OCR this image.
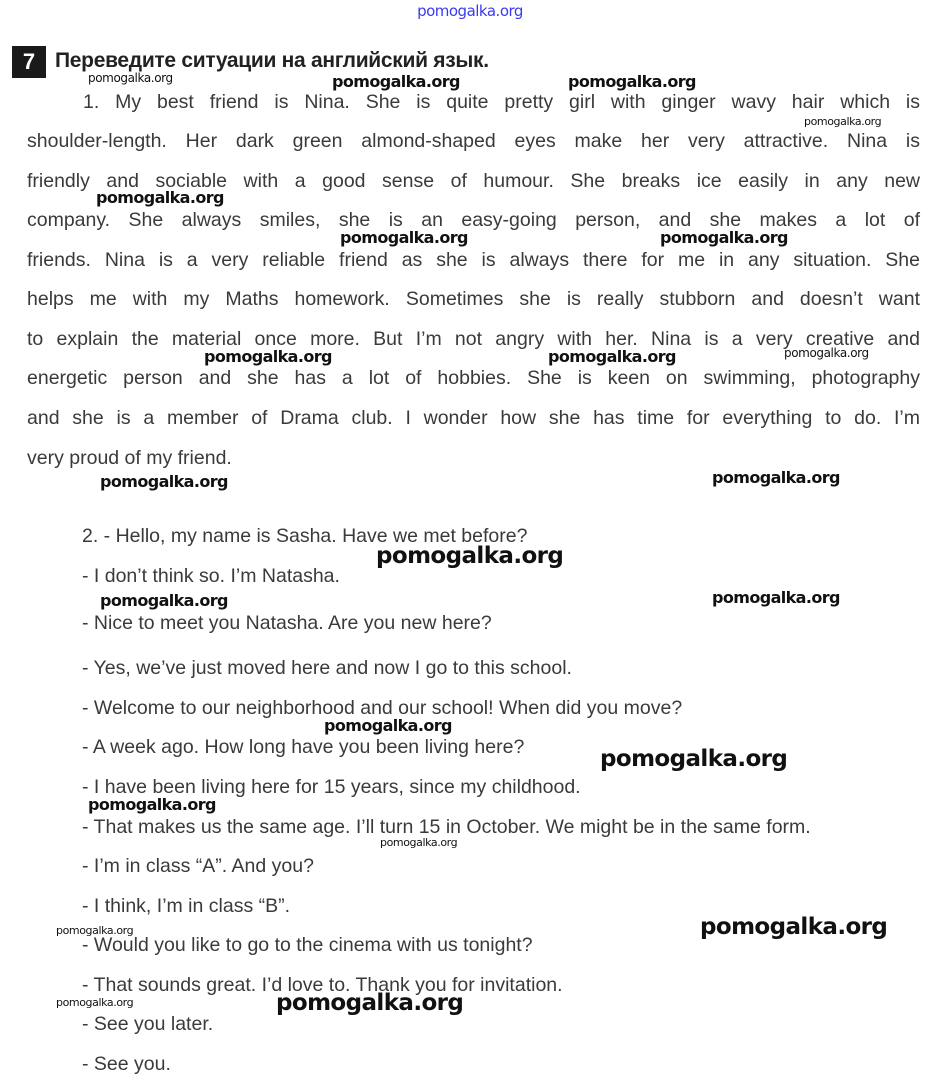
pomogalka.org
7 Переведите ситуации на английский язык.
1. My best friend is Nina. She is quite pretty girl with ginger wavy hair which is
shoulder-length. Her dark green almond-shaped eyes make her very attractive. Nina is
friendly and sociable with a good sense of humour. She breaks ice easily in any new
company. She always smiles, she is an easy-going person, and she makes a lot of
friends. Nina is a very reliable friend as she is always there for me in any situation. She
helps me with my Maths homework. Sometimes she is really stubborn and doesn’t want
to explain the material once more. But I’m not angry with her. Nina is a very creative and
energetic person and she has a lot of hobbies. She is keen on swimming, photography
and she is a member of Drama club. I wonder how she has time for everything to do. I’m
very proud of my friend.
2. - Hello, my name is Sasha. Have we met before?
- I don’t think so. I’m Natasha.
- Nice to meet you Natasha. Are you new here?
- Yes, we’ve just moved here and now I go to this school.
- Welcome to our neighborhood and our school! When did you move?
- A week ago. How long have you been living here?
- I have been living here for 15 years, since my childhood.
- That makes us the same age. I’ll turn 15 in October. We might be in the same form.
- I’m in class “A”. And you?
- I think, I’m in class “B”.
- Would you like to go to the cinema with us tonight?
- That sounds great. I’d love to. Thank you for invitation.
- See you later.
- See you.
pomogalka.org	pomogalka.org	pomogalka.org
pomogalka.org
pomogalka.org
pomogalka.org	pomogalka.org
pomogalka.org	pomogalka.org	pomogalka.org
pomogalka.org	pomogalka.org
pomogalka.org
pomogalka.org	pomogalka.org
pomogalka.org
pomogalka.org
pomogalka.org
pomogalka.org
pomogalka.org	pomogalka.org
pomogalka.org	pomogalka.org
